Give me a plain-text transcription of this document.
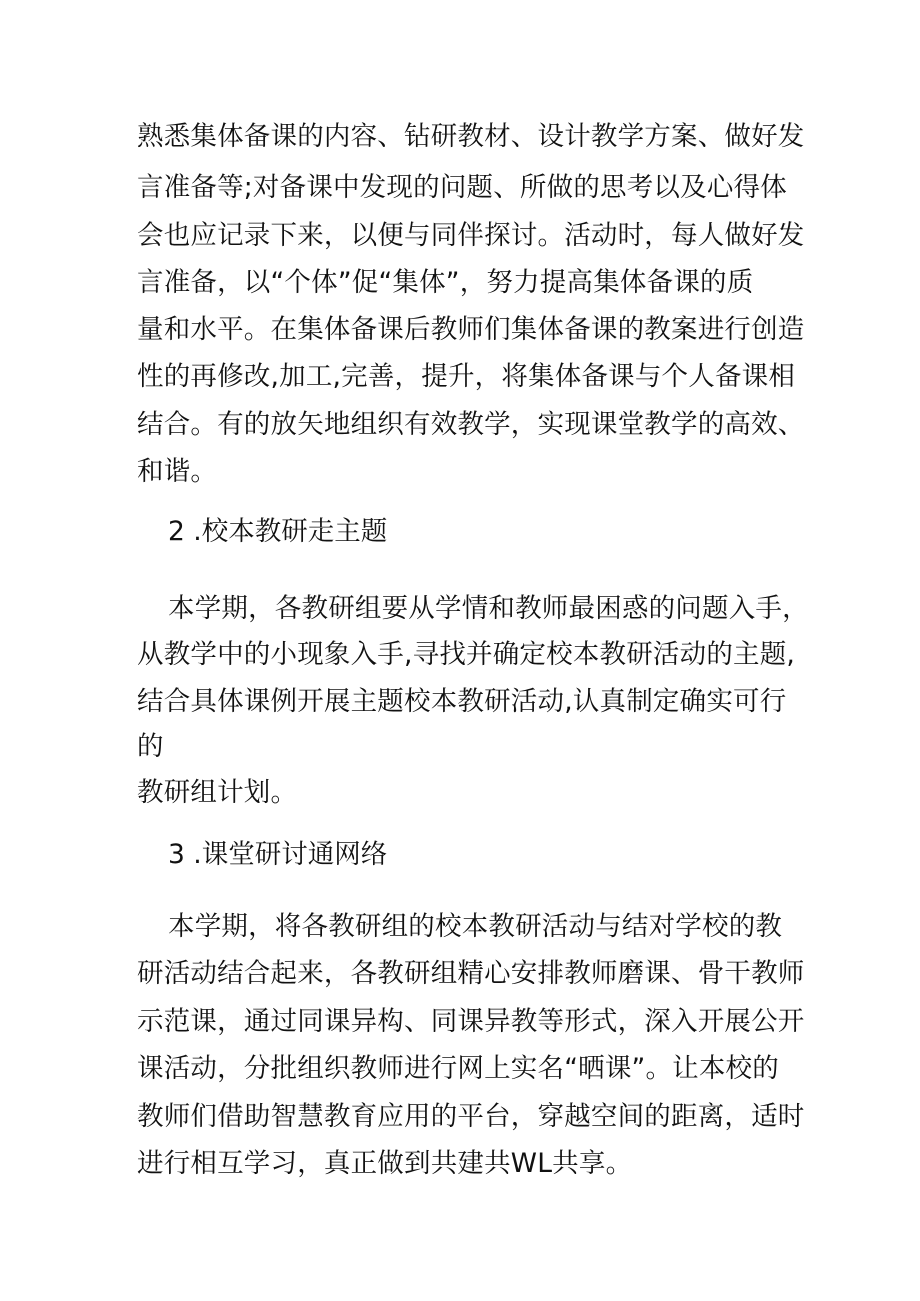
熟悉集体备课的内容、钻研教材、设计教学方案、做好发
言准备等;对备课中发现的问题、所做的思考以及心得体
会也应记录下来，以便与同伴探讨。活动时，每人做好发
言准备，以“个体”促“集体”，努力提高集体备课的质
量和水平。在集体备课后教师们集体备课的教案进行创造
性的再修改,加工,完善，提升，将集体备课与个人备课相
结合。有的放矢地组织有效教学，实现课堂教学的高效、
和谐。
2 .校本教研走主题
本学期，各教研组要从学情和教师最困惑的问题入手，
从教学中的小现象入手,寻找并确定校本教研活动的主题,
结合具体课例开展主题校本教研活动,认真制定确实可行
的
教研组计划。
3 .课堂研讨通网络
本学期，将各教研组的校本教研活动与结对学校的教
研活动结合起来，各教研组精心安排教师磨课、骨干教师
示范课，通过同课异构、同课异教等形式，深入开展公开
课活动，分批组织教师进行网上实名“晒课”。让本校的
教师们借助智慧教育应用的平台，穿越空间的距离，适时
进行相互学习，真正做到共建共WL共享。
